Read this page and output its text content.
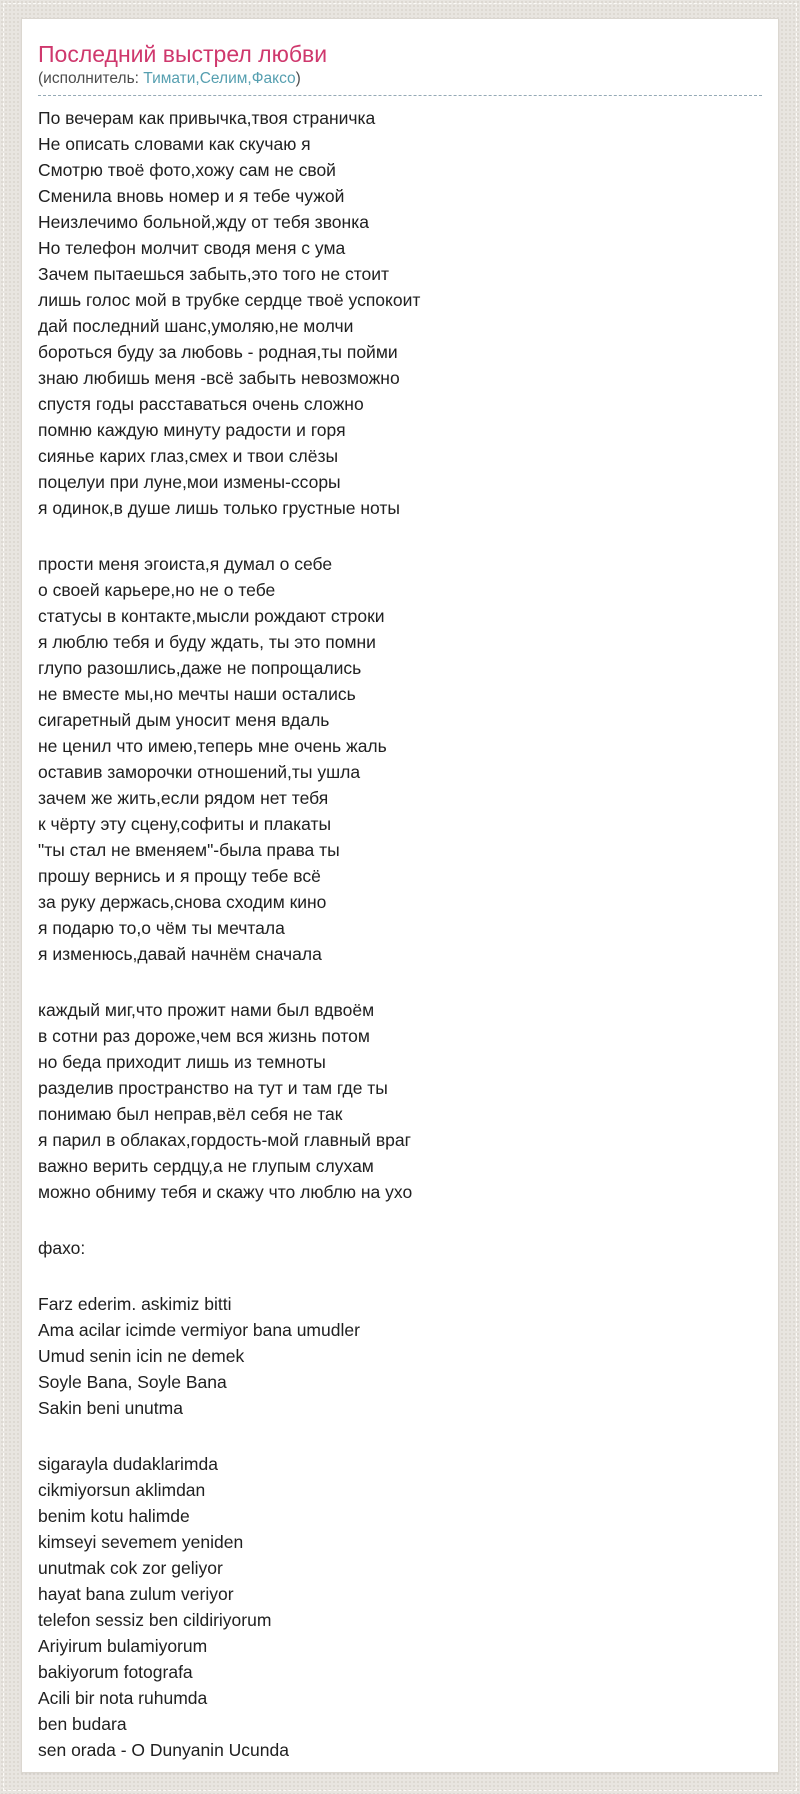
Последний выстрел любви
(исполнитель: Тимати,Селим,Факсо)
По вечерам как привычка,твоя страничка
Не описать словами как скучаю я
Смотрю твоё фото,хожу сам не свой
Сменила вновь номер и я тебе чужой
Неизлечимо больной,жду от тебя звонка
Но телефон молчит сводя меня с ума
Зачем пытаешься забыть,это того не стоит
лишь голос мой в трубке сердце твоё успокоит
дай последний шанс,умоляю,не молчи
бороться буду за любовь - родная,ты пойми
знаю любишь меня -всё забыть невозможно
спустя годы расставаться очень сложно
помню каждую минуту радости и горя
сиянье карих глаз,смех и твои слёзы
поцелуи при луне,мои измены-ссоры
я одинок,в душе лишь только грустные ноты
прости меня эгоиста,я думал о себе
о своей карьере,но не о тебе
статусы в контакте,мысли рождают строки
я люблю тебя и буду ждать, ты это помни
глупо разошлись,даже не попрощались
не вместе мы,но мечты наши остались
сигаретный дым уносит меня вдаль
не ценил что имею,теперь мне очень жаль
оставив заморочки отношений,ты ушла
зачем же жить,если рядом нет тебя
к чёрту эту сцену,софиты и плакаты
"ты стал не вменяем"-была права ты
прошу вернись и я прощу тебе всё
за руку держась,снова сходим кино
я подарю то,о чём ты мечтала
я изменюсь,давай начнём сначала
каждый миг,что прожит нами был вдвоём
в сотни раз дороже,чем вся жизнь потом
но беда приходит лишь из темноты
разделив пространство на тут и там где ты
понимаю был неправ,вёл себя не так
я парил в облаках,гордость-мой главный враг
важно верить сердцу,а не глупым слухам
можно обниму тебя и скажу что люблю на ухо
фахо:
Farz ederim. askimiz bitti
Ama acilar icimde vermiyor bana umudler
Umud senin icin ne demek
Soyle Bana, Soyle Bana
Sakin beni unutma
sigarayla dudaklarimda
cikmiyorsun aklimdan
benim kotu halimde
kimseyi sevemem yeniden
unutmak cok zor geliyor
hayat bana zulum veriyor
telefon sessiz ben cildiriyorum
Ariyirum bulamiyorum
bakiyorum fotografa
Acili bir nota ruhumda
ben budara
sen orada - O Dunyanin Ucunda
